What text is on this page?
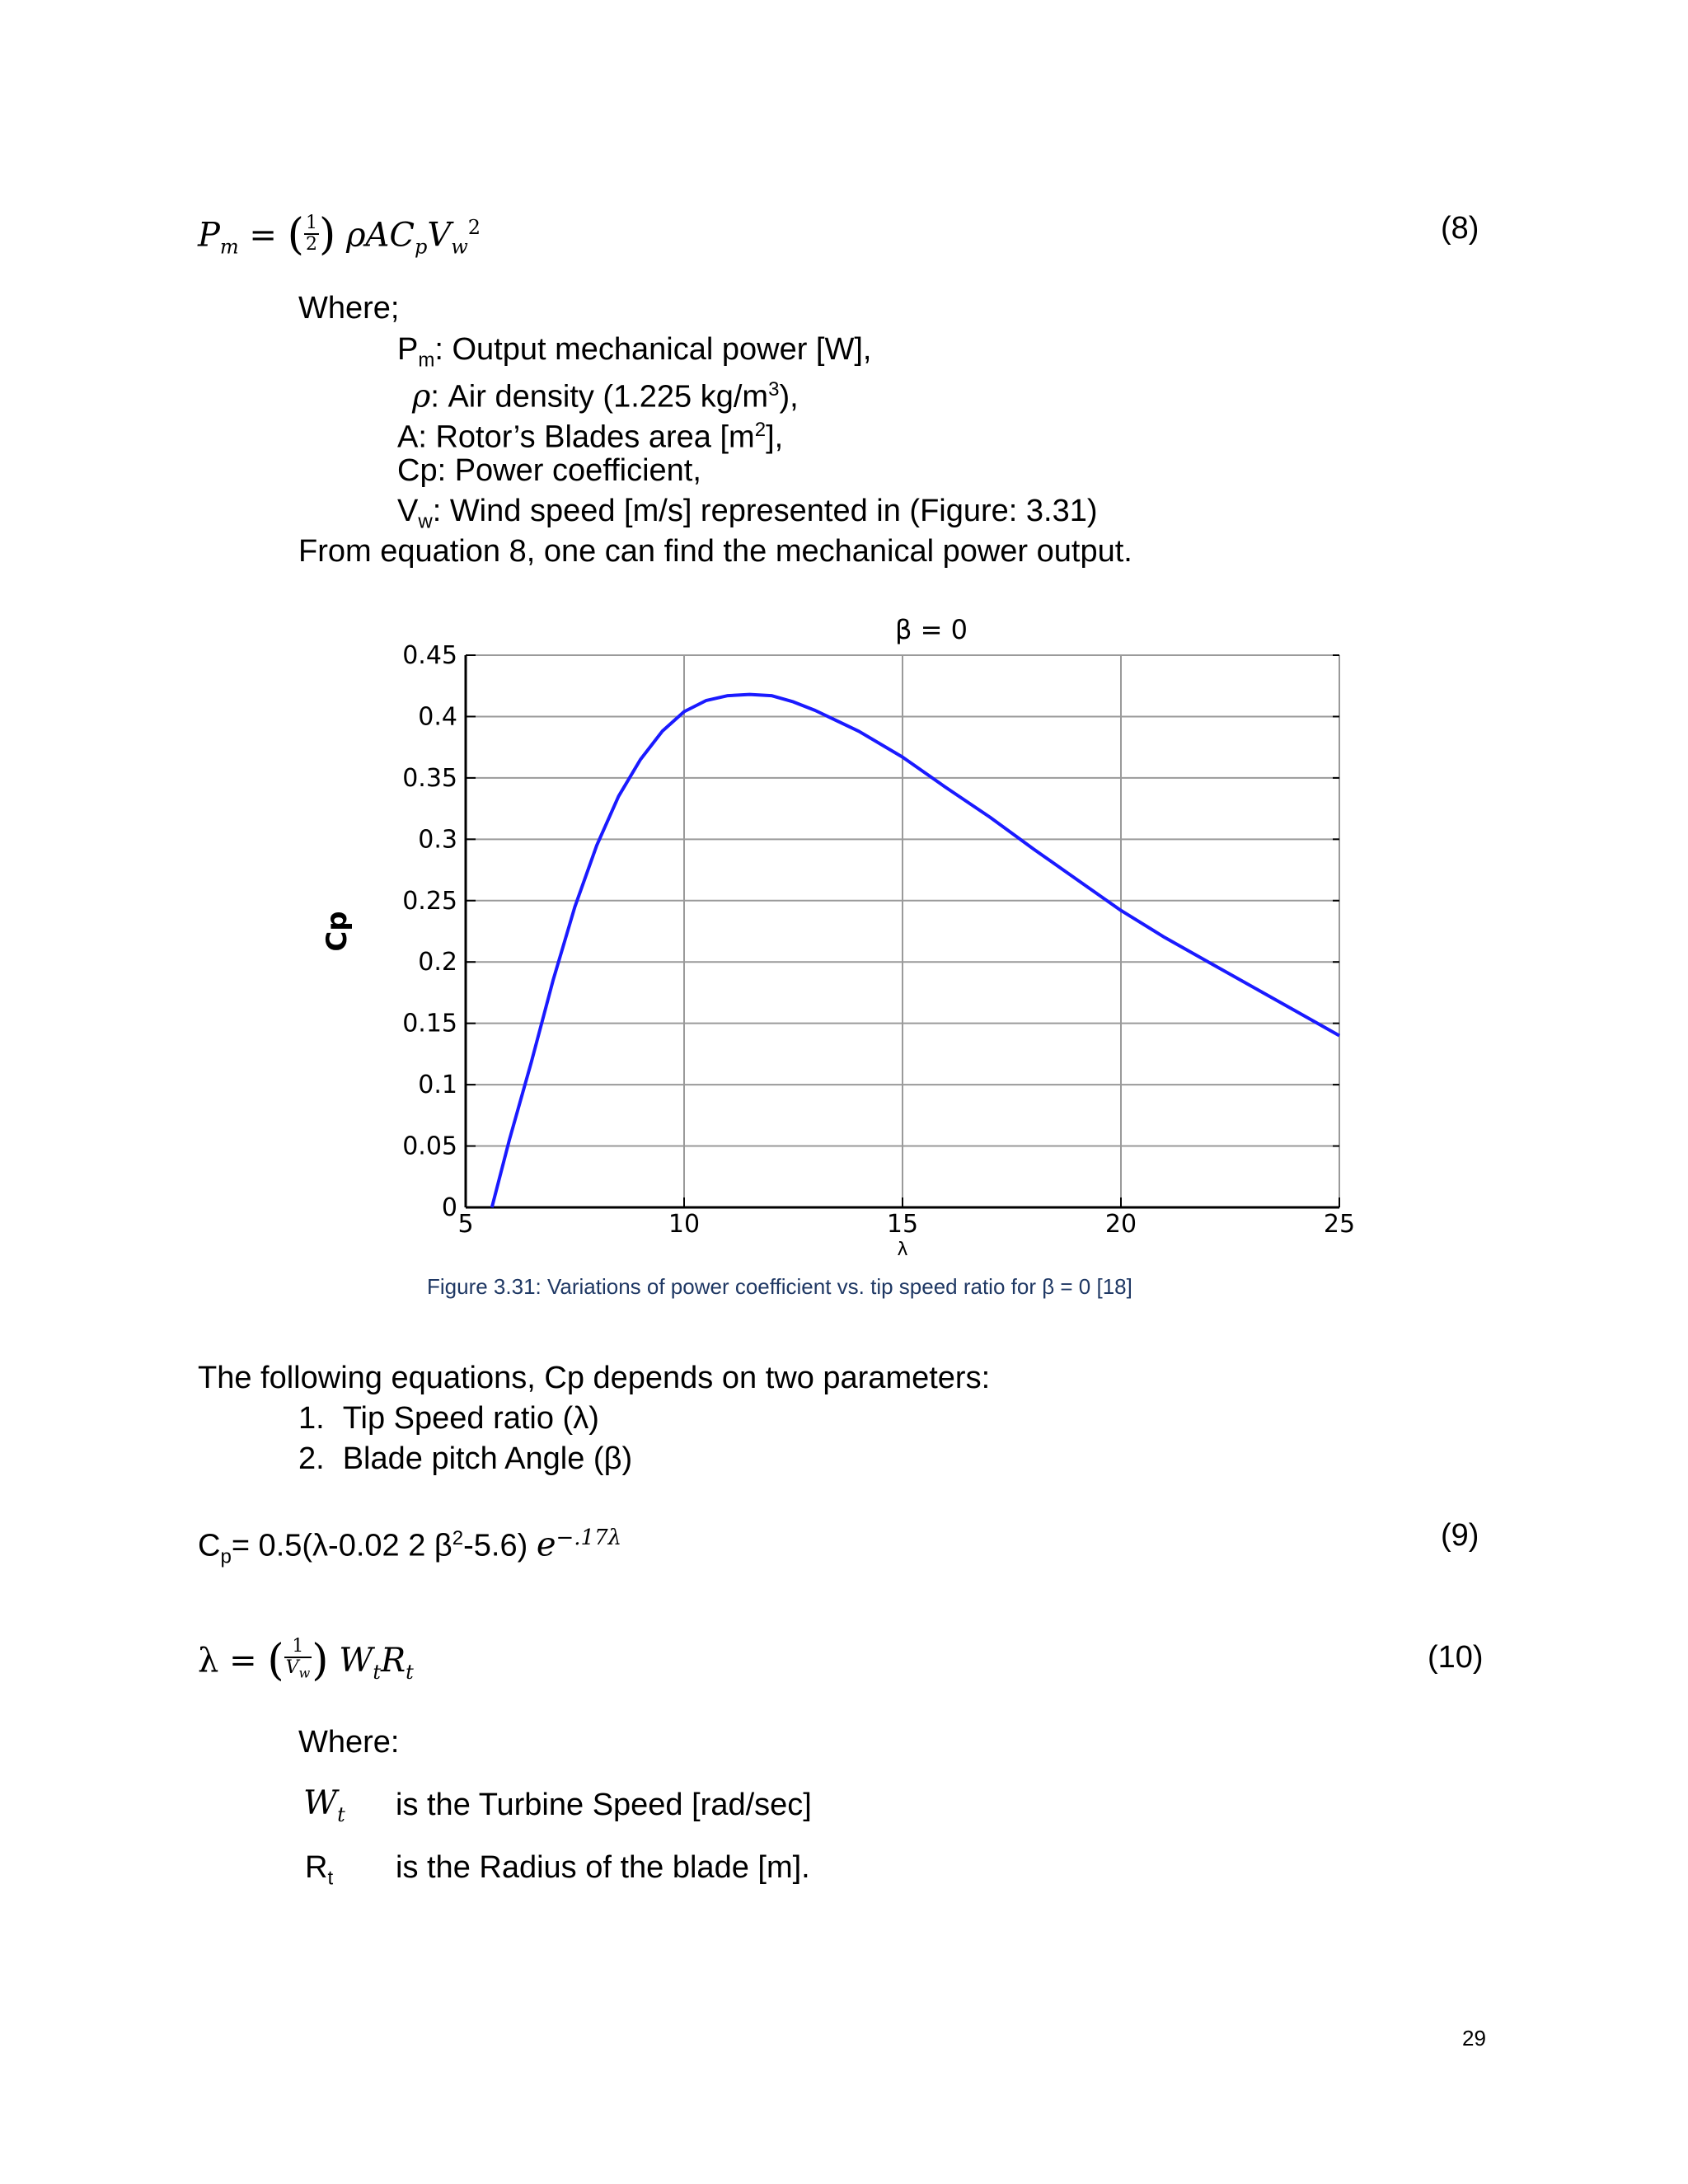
$P_m$ = ( $\frac{1}{2}$ ) $\rho AC_pV_w^2$	(8)
Where;
$P_m$: Output mechanical power [W],
ρ: Air density (1.225 $kg/m^3$),
A: Rotor’s Blades area $[m^2]$,
Cp: Power coefficient,
$V_w$: Wind speed [m/s] represented in (Figure: 3.31)
From equation 8, one can find the mechanical power output.
0
0.05
0.1
0.15
0.2
0.25
0.3
0.35
0.4
0.45
5	10	15	20	25
β = 0
λ
Cp
Figure 3.31: Variations of power coefficient vs. tip speed ratio for β = 0 [18]
The following equations, Cp depends on two parameters:
1. Tip Speed ratio (λ)
2. Blade pitch Angle (β)
$C_p= 0.5(\lambda-0.02$ 2 $\beta^2-5.6$) $e^{-.17\lambda}$	(9)
λ = ( $\frac{1}{V_w}$ ) $W_tR_t$	(10)
Where:
$W_t$ is the Turbine Speed [rad/sec]
$R_t$ is the Radius of the blade [m].
29
